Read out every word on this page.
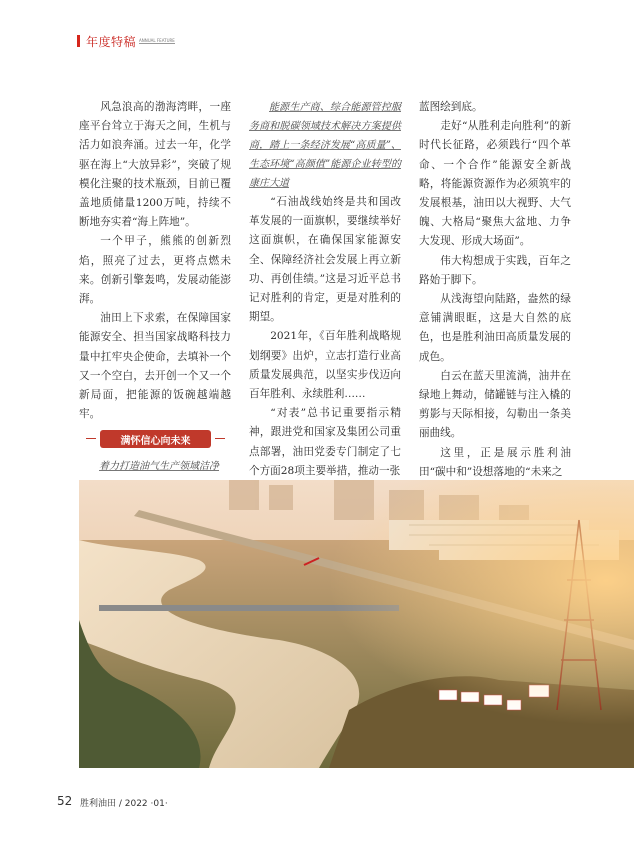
年度特稿 ANNUAL FEATURE

风急浪高的渤海湾畔，一座座平台耸立于海天之间，生机与活力如浪奔涌。过去一年，化学驱在海上“大放异彩”，突破了规模化注聚的技术瓶颈，目前已覆盖地质储量1200万吨，持续不断地夯实着“海上阵地”。

一个甲子，熊熊的创新烈焰，照亮了过去，更将点燃未来。创新引擎轰鸣，发展动能澎湃。

油田上下求索，在保障国家能源安全、担当国家战略科技力量中扛牢央企使命，去填补一个又一个空白，去开创一个又一个新局面，把能源的饭碗越端越牢。

满怀信心向未来
着力打造油气生产领域洁净

能源生产商、综合能源管控服务商和脱碳领域技术解决方案提供商，踏上一条经济发展“高质量”、生态环境“高颜值”能源企业转型的康庄大道

“石油战线始终是共和国改革发展的一面旗帜，要继续举好这面旗帜，在确保国家能源安全、保障经济社会发展上再立新功、再创佳绩。”这是习近平总书记对胜利的肯定，更是对胜利的期望。

2021年，《百年胜利战略规划纲要》出炉，立志打造行业高质量发展典范，以坚实步伐迈向百年胜利、永续胜利……

“对表”总书记重要指示精神，跟进党和国家及集团公司重点部署，油田党委专门制定了七个方面28项主要举措，推动一张

蓝图绘到底。

走好“从胜利走向胜利”的新时代长征路，必须践行“四个革命、一个合作”能源安全新战略，将能源资源作为必须筑牢的发展根基，油田以大视野、大气魄、大格局“聚焦大盆地、力争大发现、形成大场面”。

伟大构想成于实践，百年之路始于脚下。

从浅海望向陆路，盎然的绿意铺满眼眶，这是大自然的底色，也是胜利油田高质量发展的成色。

白云在蓝天里流淌，油井在绿地上舞动，储罐链与注入橇的剪影与天际相接，勾勒出一条美丽曲线。

这里，正是展示胜利油田“碳中和”设想落地的“未来之

52 胜利油田 / 2022 ·01·
